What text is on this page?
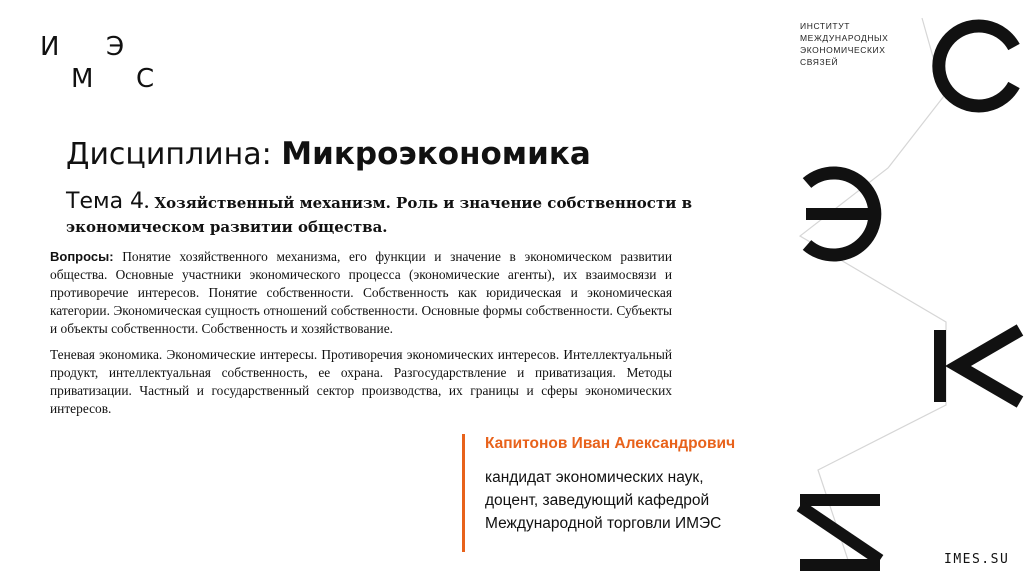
И Э
М С
ИНСТИТУТ
МЕЖДУНАРОДНЫХ
ЭКОНОМИЧЕСКИХ
СВЯЗЕЙ
Дисциплина: Микроэкономика
Тема 4. Хозяйственный механизм. Роль и значение собственности в экономическом развитии общества.

Вопросы: Понятие хозяйственного механизма, его функции и значение в экономическом развитии общества. Основные участники экономического процесса (экономические агенты), их взаимосвязи и противоречие интересов. Понятие собственности. Собственность как юридическая и экономическая категории. Экономическая сущность отношений собственности. Основные формы собственности. Субъекты и объекты собственности. Собственность и хозяйствование.

Теневая экономика. Экономические интересы. Противоречия экономических интересов. Интеллектуальный продукт, интеллектуальная собственность, ее охрана. Разгосударствление и приватизация. Методы приватизации. Частный и государственный сектор производства, их границы и сферы экономических интересов.

Капитонов Иван Александрович
кандидат экономических наук,
доцент, заведующий кафедрой
Международной торговли ИМЭС
IMES.SU
